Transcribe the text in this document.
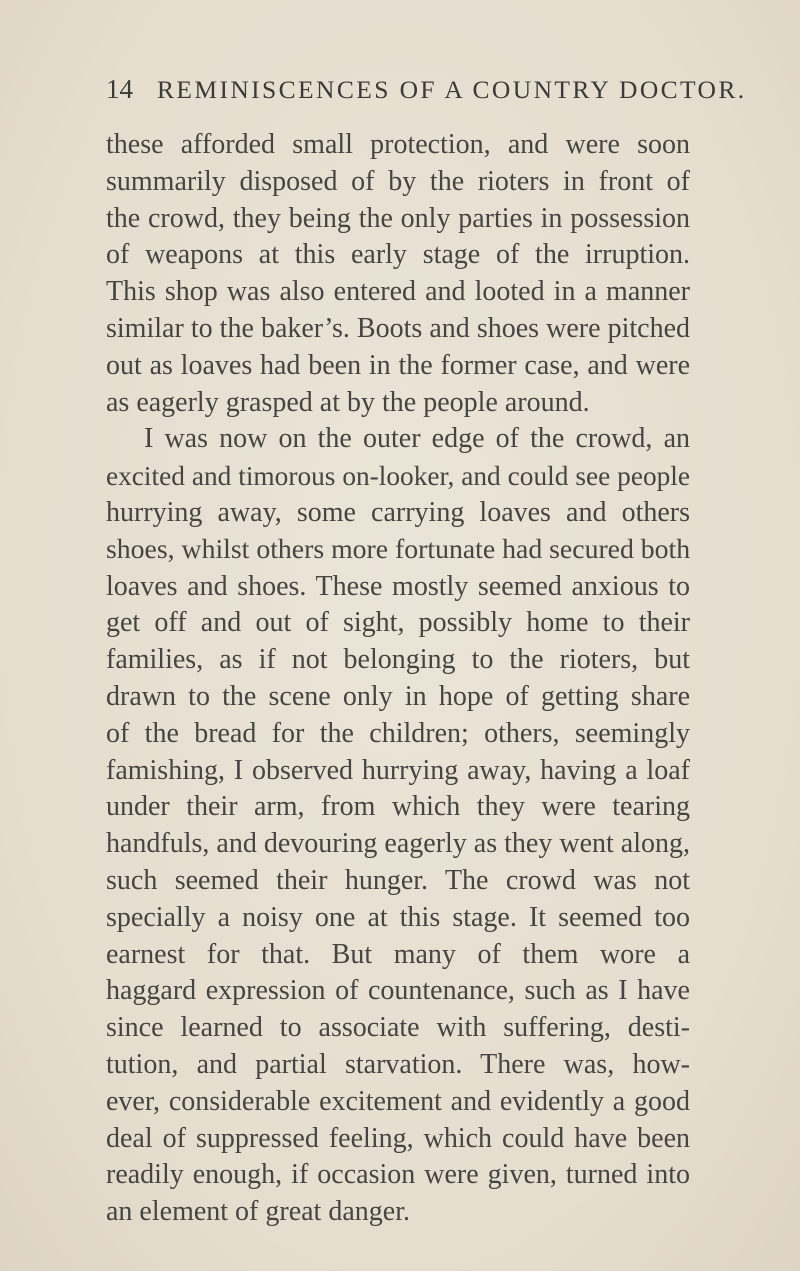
14 REMINISCENCES OF A COUNTRY DOCTOR.
these afforded small protection, and were soon
summarily disposed of by the rioters in front of
the crowd, they being the only parties in possession
of weapons at this early stage of the irruption.
This shop was also entered and looted in a manner
similar to the baker’s. Boots and shoes were pitched
out as loaves had been in the former case, and were
as eagerly grasped at by the people around.
I was now on the outer edge of the crowd, an
excited and timorous on-looker, and could see people
hurrying away, some carrying loaves and others
shoes, whilst others more fortunate had secured both
loaves and shoes. These mostly seemed anxious to
get off and out of sight, possibly home to their
families, as if not belonging to the rioters, but
drawn to the scene only in hope of getting share
of the bread for the children; others, seemingly
famishing, I observed hurrying away, having a loaf
under their arm, from which they were tearing
handfuls, and devouring eagerly as they went along,
such seemed their hunger. The crowd was not
specially a noisy one at this stage. It seemed too
earnest for that. But many of them wore a
haggard expression of countenance, such as I have
since learned to associate with suffering, desti-
tution, and partial starvation. There was, how-
ever, considerable excitement and evidently a good
deal of suppressed feeling, which could have been
readily enough, if occasion were given, turned into
an element of great danger.
